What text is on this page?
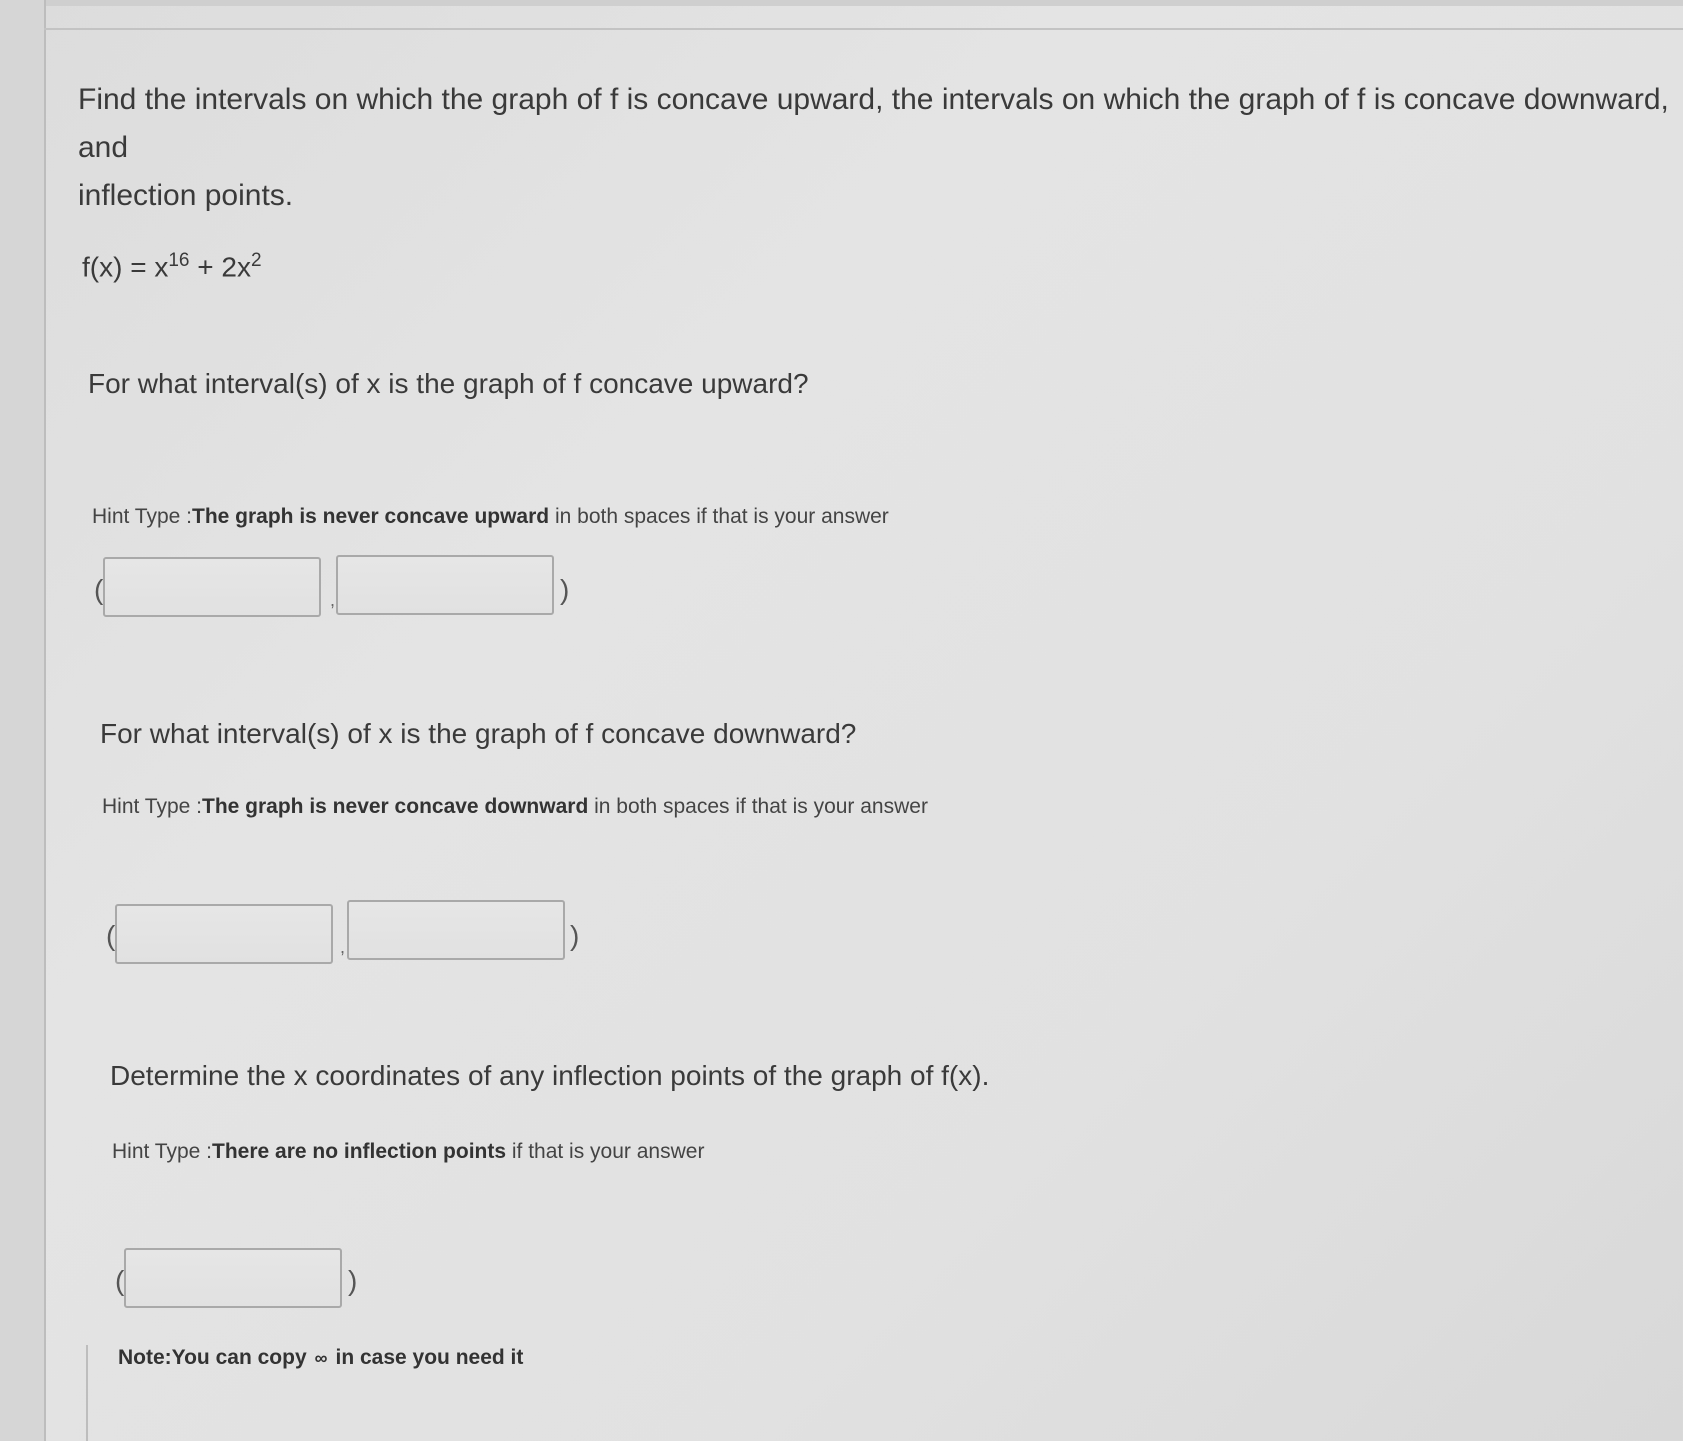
Find the intervals on which the graph of f is concave upward, the intervals on which the graph of f is concave downward, and
inflection points.
$f(x) = x^{16} + 2x^2$
For what interval(s) of x is the graph of f concave upward?
Hint Type :The graph is never concave upward in both spaces if that is your answer
(	,	)
For what interval(s) of x is the graph of f concave downward?
Hint Type :The graph is never concave downward in both spaces if that is your answer
(	,	)
Determine the x coordinates of any inflection points of the graph of f(x).
Hint Type :There are no inflection points if that is your answer
(	)
Note:You can copy ∞ in case you need it
